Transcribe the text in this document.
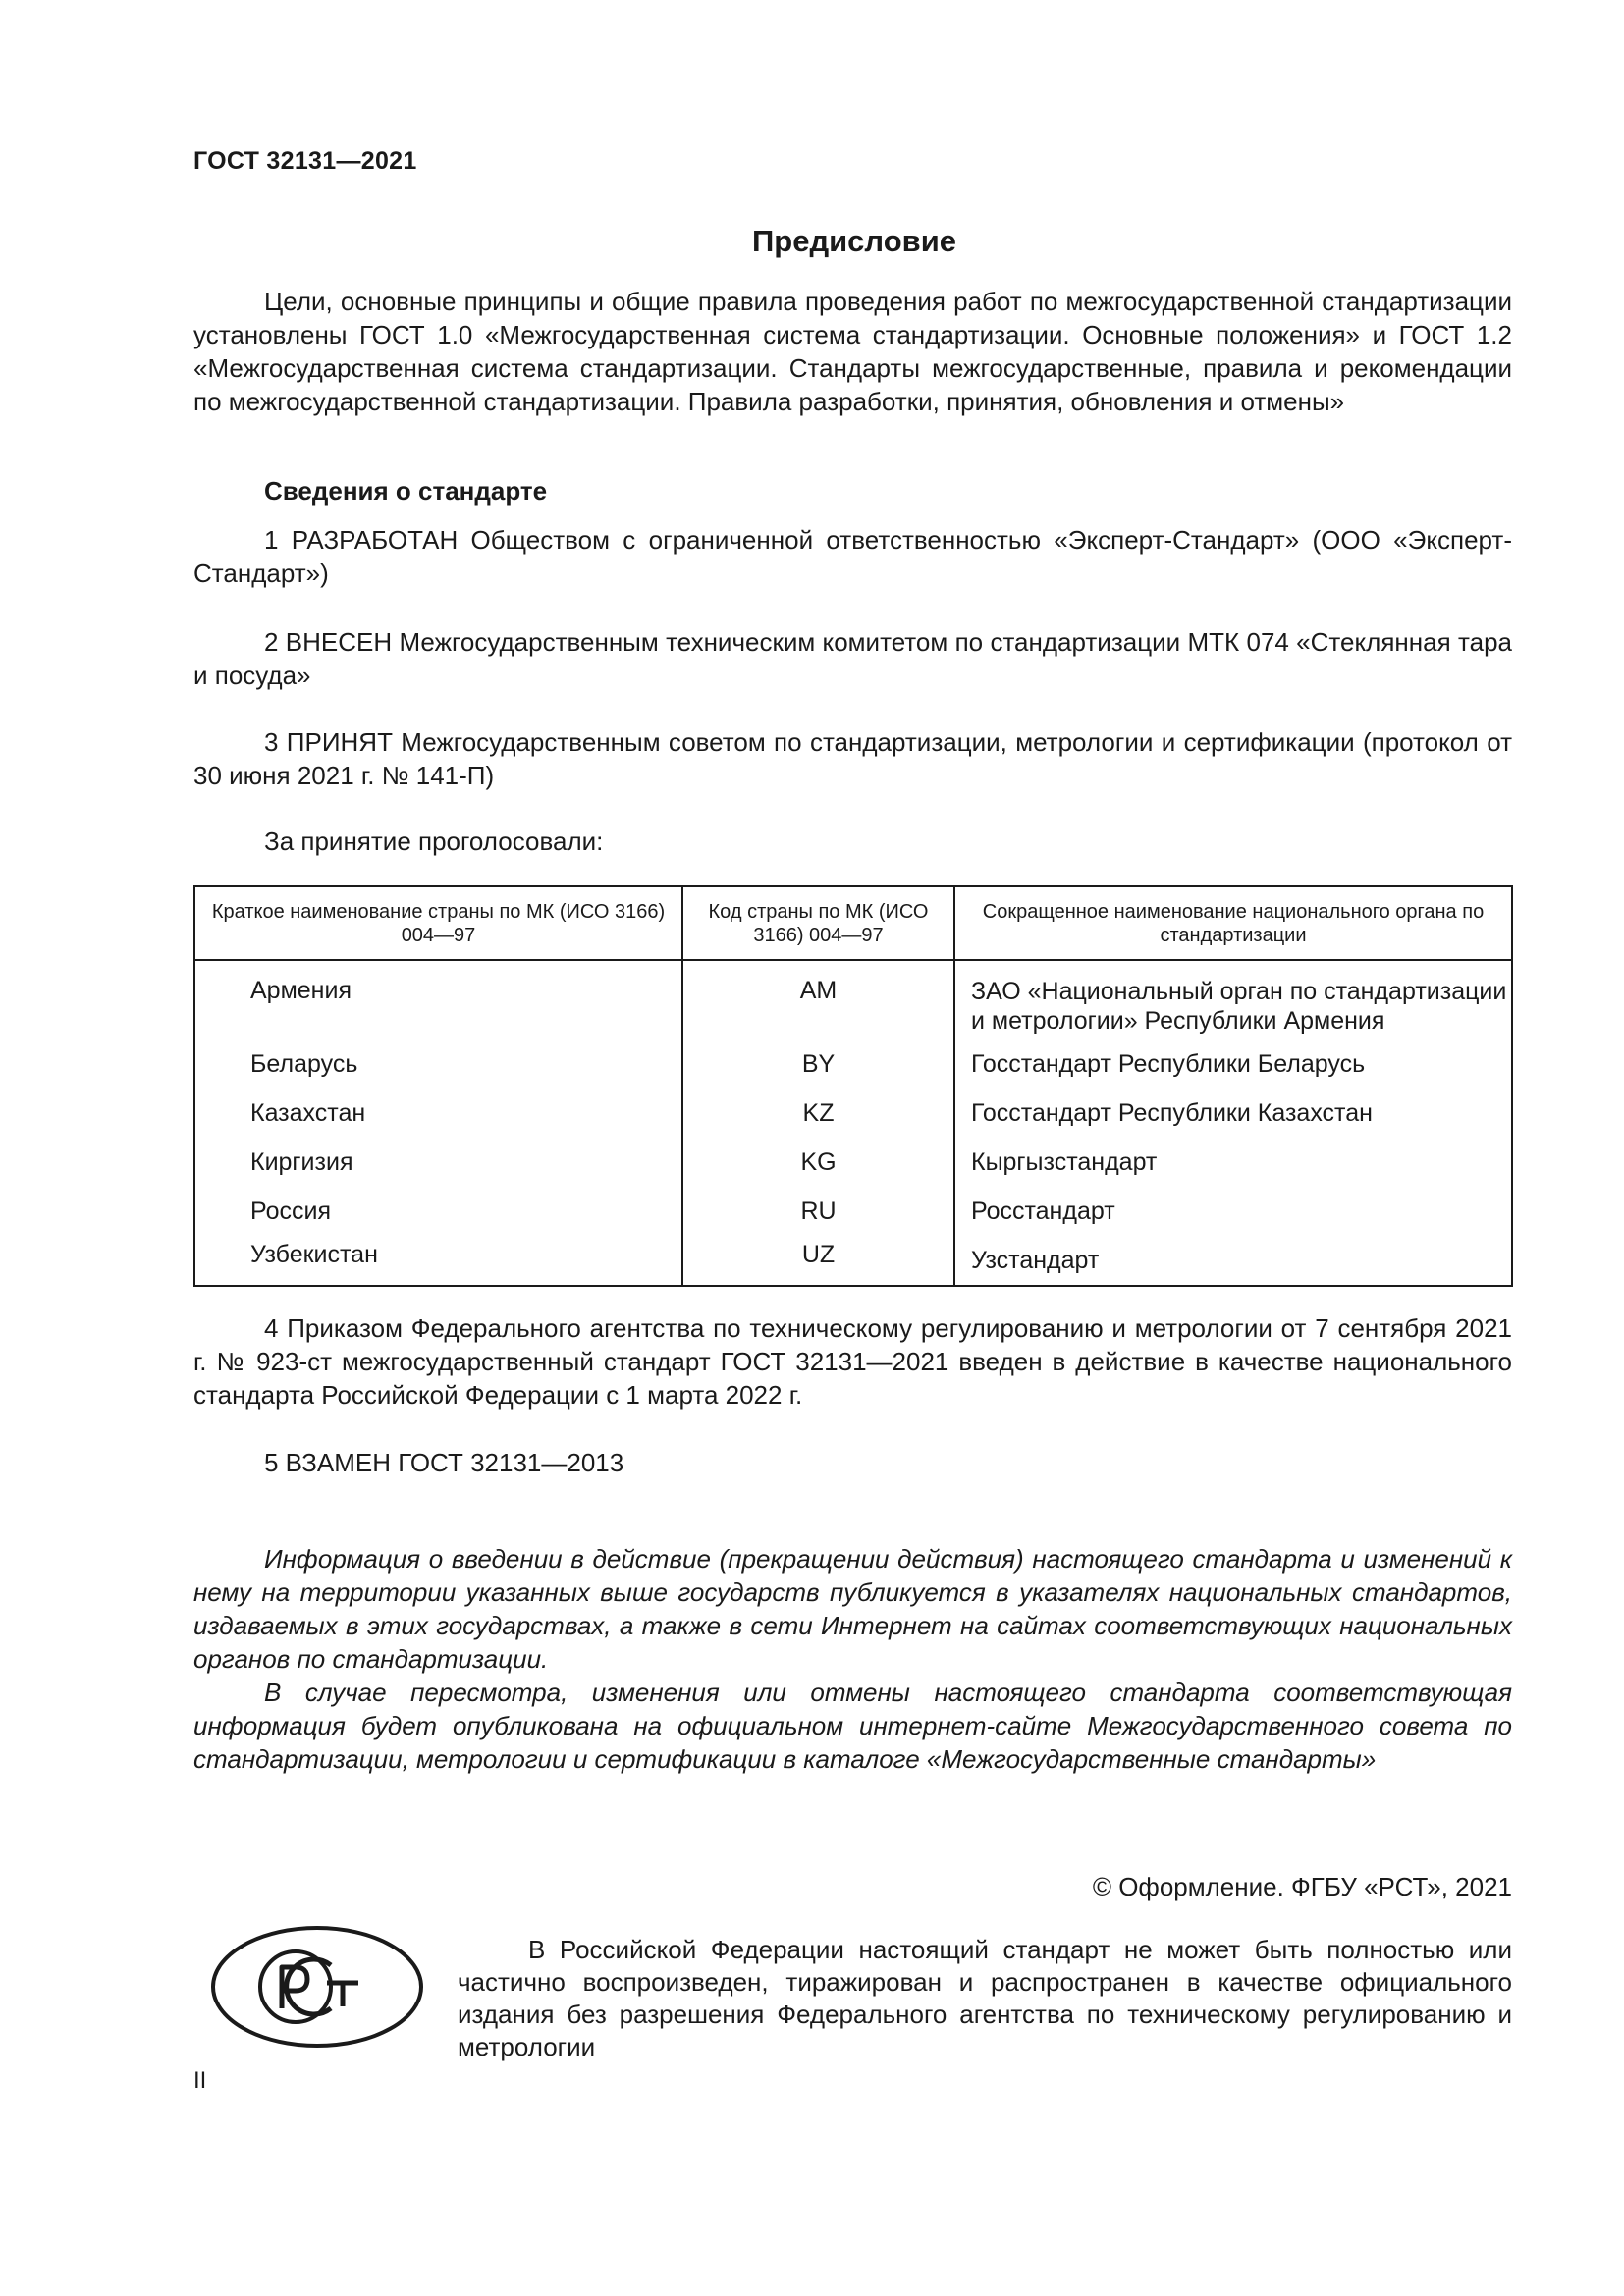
ГОСТ 32131—2021
Предисловие
Цели, основные принципы и общие правила проведения работ по межгосударственной стандартизации установлены ГОСТ 1.0 «Межгосударственная система стандартизации. Основные положения» и ГОСТ 1.2 «Межгосударственная система стандартизации. Стандарты межгосударственные, правила и рекомендации по межгосударственной стандартизации. Правила разработки, принятия, обновления и отмены»
Сведения о стандарте
1 РАЗРАБОТАН Обществом с ограниченной ответственностью «Эксперт-Стандарт» (ООО «Эксперт-Стандарт»)
2 ВНЕСЕН Межгосударственным техническим комитетом по стандартизации МТК 074 «Стеклянная тара и посуда»
3 ПРИНЯТ Межгосударственным советом по стандартизации, метрологии и сертификации (протокол от 30 июня 2021 г. № 141-П)
За принятие проголосовали:
Краткое наименование страны по МК (ИСО 3166) 004—97	Код страны по МК (ИСО 3166) 004—97	Сокращенное наименование национального органа по стандартизации
Армения	AM	ЗАО «Национальный орган по стандартизации и метрологии» Республики Армения
Беларусь	BY	Госстандарт Республики Беларусь
Казахстан	KZ	Госстандарт Республики Казахстан
Киргизия	KG	Кыргызстандарт
Россия	RU	Росстандарт
Узбекистан	UZ	Узстандарт
4 Приказом Федерального агентства по техническому регулированию и метрологии от 7 сентября 2021 г. № 923-ст межгосударственный стандарт ГОСТ 32131—2021 введен в действие в качестве национального стандарта Российской Федерации с 1 марта 2022 г.
5 ВЗАМЕН ГОСТ 32131—2013
Информация о введении в действие (прекращении действия) настоящего стандарта и изменений к нему на территории указанных выше государств публикуется в указателях национальных стандартов, издаваемых в этих государствах, а также в сети Интернет на сайтах соответствующих национальных органов по стандартизации.
В случае пересмотра, изменения или отмены настоящего стандарта соответствующая информация будет опубликована на официальном интернет-сайте Межгосударственного совета по стандартизации, метрологии и сертификации в каталоге «Межгосударственные стандарты»
© Оформление. ФГБУ «РСТ», 2021
В Российской Федерации настоящий стандарт не может быть полностью или частично воспроизведен, тиражирован и распространен в качестве официального издания без разрешения Федерального агентства по техническому регулированию и метрологии
II
